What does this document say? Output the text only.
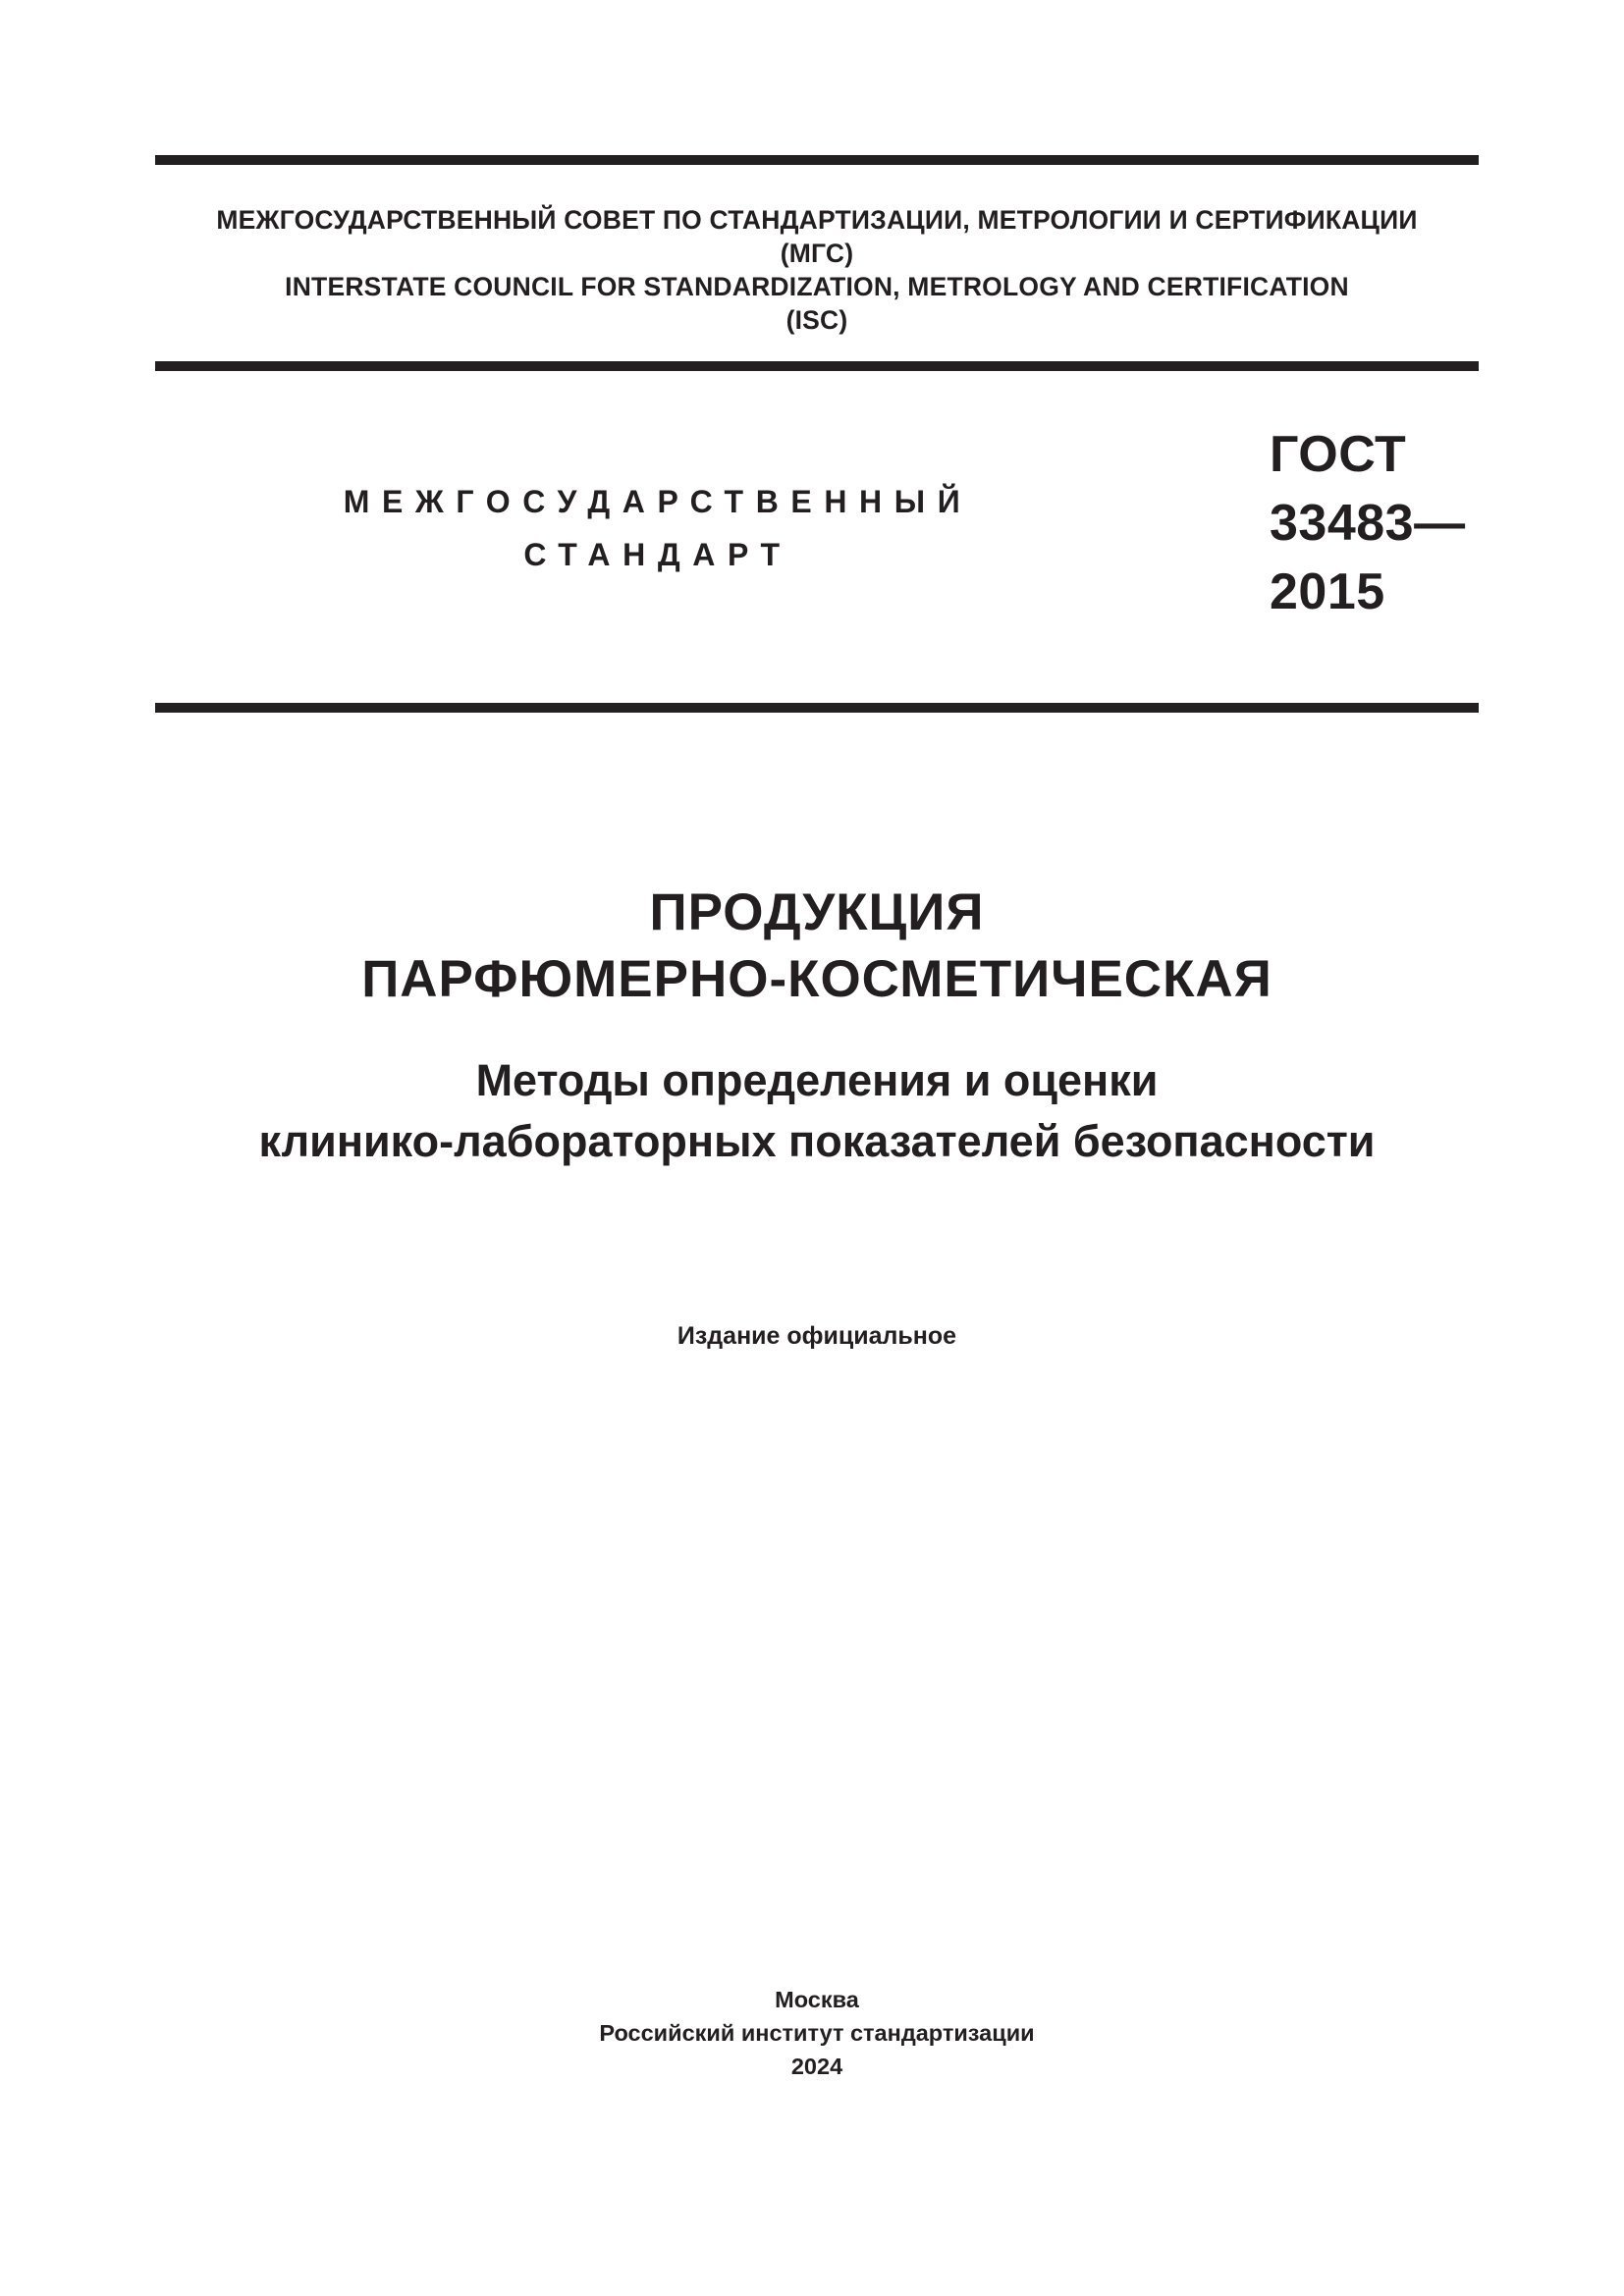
МЕЖГОСУДАРСТВЕННЫЙ СОВЕТ ПО СТАНДАРТИЗАЦИИ, МЕТРОЛОГИИ И СЕРТИФИКАЦИИ
(МГС)
INTERSTATE COUNCIL FOR STANDARDIZATION, METROLOGY AND CERTIFICATION
(ISC)
МЕЖГОСУДАРСТВЕННЫЙ
СТАНДАРТ
ГОСТ
33483—
2015
ПРОДУКЦИЯ
ПАРФЮМЕРНО-КОСМЕТИЧЕСКАЯ
Методы определения и оценки
клинико-лабораторных показателей безопасности
Издание официальное
Москва
Российский институт стандартизации
2024
